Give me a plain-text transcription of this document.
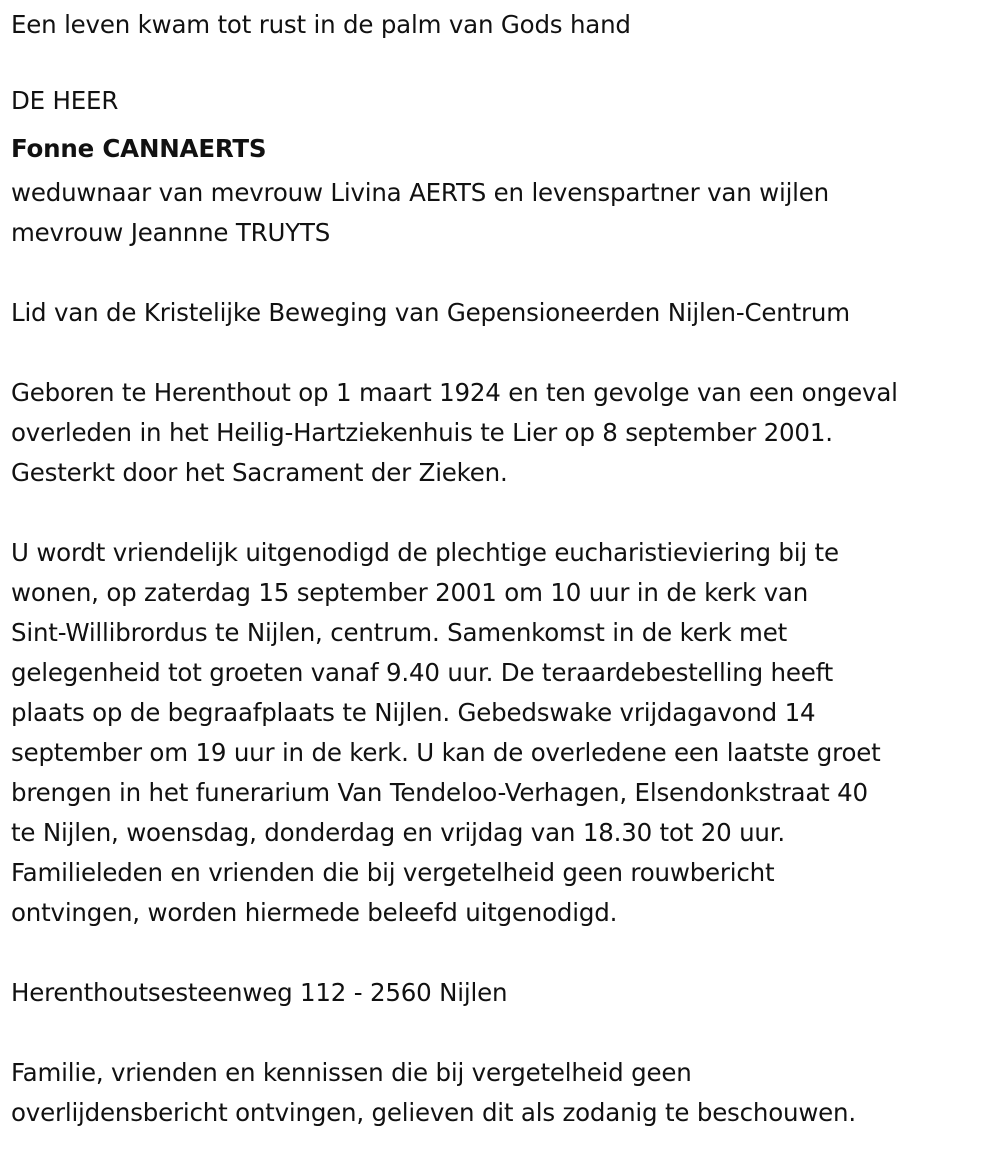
Een leven kwam tot rust in de palm van Gods hand
DE HEER
Fonne CANNAERTS
weduwnaar van mevrouw Livina AERTS en levenspartner van wijlen
mevrouw Jeannne TRUYTS
Lid van de Kristelijke Beweging van Gepensioneerden Nijlen-Centrum
Geboren te Herenthout op 1 maart 1924 en ten gevolge van een ongeval
overleden in het Heilig-Hartziekenhuis te Lier op 8 september 2001.
Gesterkt door het Sacrament der Zieken.
U wordt vriendelijk uitgenodigd de plechtige eucharistieviering bij te
wonen, op zaterdag 15 september 2001 om 10 uur in de kerk van
Sint-Willibrordus te Nijlen, centrum. Samenkomst in de kerk met
gelegenheid tot groeten vanaf 9.40 uur. De teraardebestelling heeft
plaats op de begraafplaats te Nijlen. Gebedswake vrijdagavond 14
september om 19 uur in de kerk. U kan de overledene een laatste groet
brengen in het funerarium Van Tendeloo-Verhagen, Elsendonkstraat 40
te Nijlen, woensdag, donderdag en vrijdag van 18.30 tot 20 uur.
Familieleden en vrienden die bij vergetelheid geen rouwbericht
ontvingen, worden hiermede beleefd uitgenodigd.
Herenthoutsesteenweg 112 - 2560 Nijlen
Familie, vrienden en kennissen die bij vergetelheid geen
overlijdensbericht ontvingen, gelieven dit als zodanig te beschouwen.
